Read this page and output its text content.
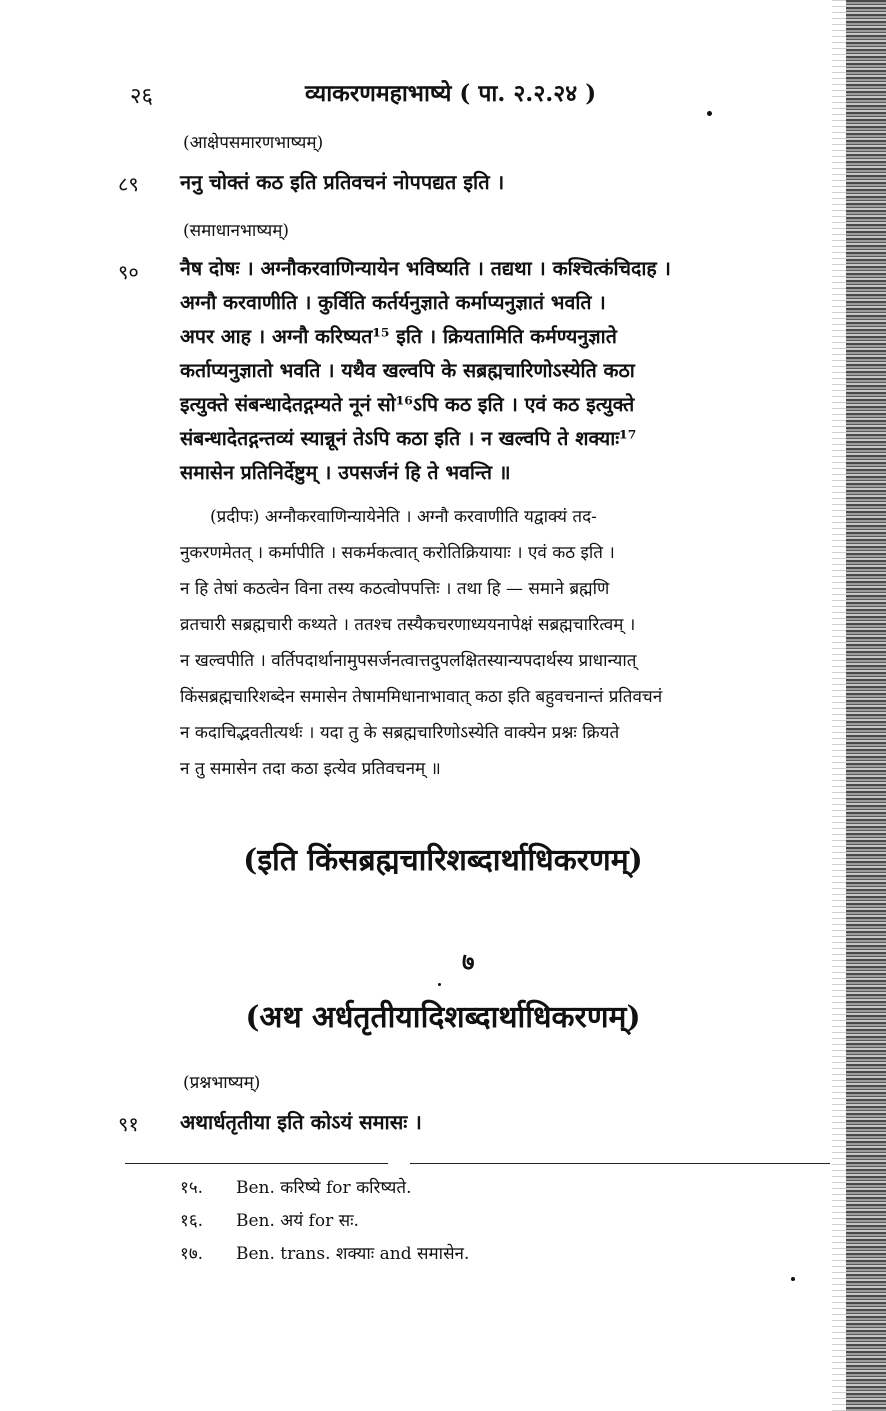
२६	व्याकरणमहाभाष्ये ( पा. २.२.२४ )
(आक्षेपसमारणभाष्यम्)
८९ ननु चोक्तं कठ इति प्रतिवचनं नोपपद्यत इति ।
(समाधानभाष्यम्)
९० नैष दोषः । अग्नौकरवाणिन्यायेन भविष्यति । तद्यथा । कश्चित्कंचिदाह ।
अग्नौ करवाणीति । कुर्विति कर्तर्यनुज्ञाते कर्माप्यनुज्ञातं भवति ।
अपर आह । अग्नौ करिष्यत¹⁵ इति । क्रियतामिति कर्मण्यनुज्ञाते
कर्ताप्यनुज्ञातो भवति । यथैव खल्वपि के सब्रह्मचारिणोऽस्येति कठा
इत्युक्ते संबन्धादेतद्गम्यते नूनं सो¹⁶ऽपि कठ इति । एवं कठ इत्युक्ते
संबन्धादेतद्गन्तव्यं स्यान्नूनं तेऽपि कठा इति । न खल्वपि ते शक्याः¹⁷
समासेन प्रतिनिर्देष्टुम् । उपसर्जनं हि ते भवन्ति ॥
(प्रदीपः) अग्नौकरवाणिन्यायेनेति । अग्नौ करवाणीति यद्वाक्यं तद-
नुकरणमेतत् । कर्मापीति । सकर्मकत्वात् करोतिक्रियायाः । एवं कठ इति ।
न हि तेषां कठत्वेन विना तस्य कठत्वोपपत्तिः । तथा हि — समाने ब्रह्मणि
व्रतचारी सब्रह्मचारी कथ्यते । ततश्च तस्यैकचरणाध्ययनापेक्षं सब्रह्मचारित्वम् ।
न खल्वपीति । वर्तिपदार्थानामुपसर्जनत्वात्तदुपलक्षितस्यान्यपदार्थस्य प्राधान्यात्
किंसब्रह्मचारिशब्देन समासेन तेषाममिधानाभावात् कठा इति बहुवचनान्तं प्रतिवचनं
न कदाचिद्भवतीत्यर्थः । यदा तु के सब्रह्मचारिणोऽस्येति वाक्येन प्रश्नः क्रियते
न तु समासेन तदा कठा इत्येव प्रतिवचनम् ॥
(इति किंसब्रह्मचारिशब्दार्थाधिकरणम्)
७
(अथ अर्धतृतीयादिशब्दार्थाधिकरणम्)
(प्रश्नभाष्यम्)
९१ अथार्धतृतीया इति कोऽयं समासः ।
१५. Ben. करिष्ये for करिष्यते.
१६. Ben. अयं for सः.
१७. Ben. trans. शक्याः and समासेन.
